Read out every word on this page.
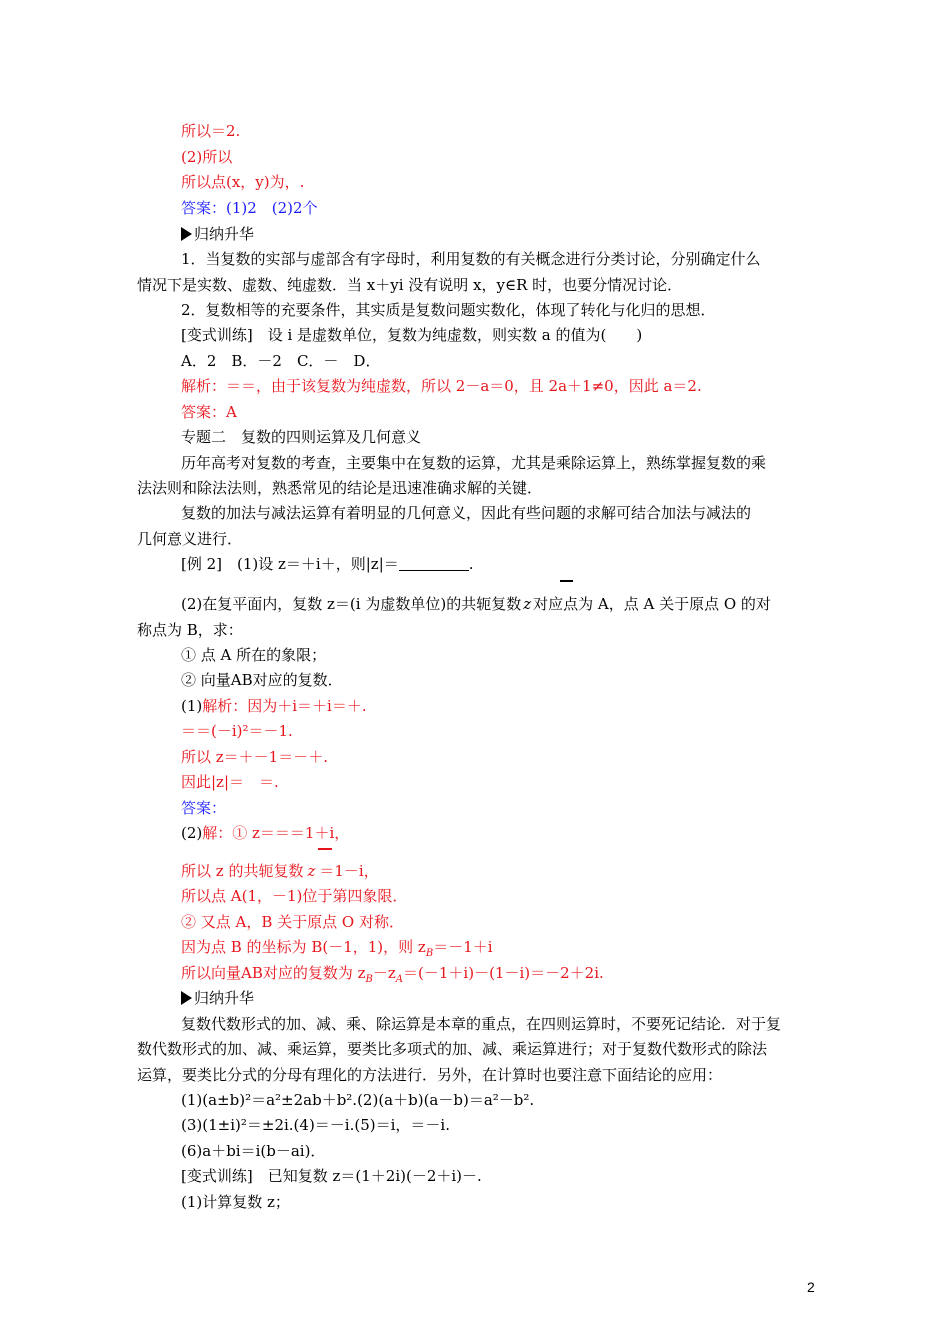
所以＝2.
(2)所以
所以点(x，y)为，.
答案：(1)2　(2)2个
归纳升华
1．当复数的实部与虚部含有字母时，利用复数的有关概念进行分类讨论，分别确定什么
情况下是实数、虚数、纯虚数．当 x＋yi 没有说明 x，y∈R 时，也要分情况讨论．
2．复数相等的充要条件，其实质是复数问题实数化，体现了转化与化归的思想．
[变式训练]　设 i 是虚数单位，复数为纯虚数，则实数 a 的值为(　　)
A．2　B．－2　C．－　D．
解析：＝＝，由于该复数为纯虚数，所以 2－a＝0，且 2a＋1≠0，因此 a＝2.
答案：A
专题二　复数的四则运算及几何意义
历年高考对复数的考查，主要集中在复数的运算，尤其是乘除运算上，熟练掌握复数的乘
法法则和除法法则，熟悉常见的结论是迅速准确求解的关键．
复数的加法与减法运算有着明显的几何意义，因此有些问题的求解可结合加法与减法的
几何意义进行．
[例 2]　(1)设 z＝＋i＋，则|z|＝	.
(2)在复平面内，复数 z＝(i 为虚数单位)的共轭复数 z 对应点为 A，点 A 关于原点 O 的对
称点为 B，求：
① 点 A 所在的象限；
② 向量AB对应的复数．
(1)解析：因为＋i＝＋i＝＋.
＝＝(－i)²＝－1.
所以 z＝＋－1＝－＋.
因此|z|＝　＝.
答案：
(2)解：① z＝＝＝1＋i，
所以 z 的共轭复数 z ＝1－i，
所以点 A(1，－1)位于第四象限．
② 又点 A，B 关于原点 O 对称．
因为点 B 的坐标为 B(－1，1)，则 $z_B=-1+i$
所以向量AB对应的复数为 $z_B-z_A=(-1+i)-(1-i)=-2+2i$.
归纳升华
复数代数形式的加、减、乘、除运算是本章的重点，在四则运算时，不要死记结论．对于复
数代数形式的加、减、乘运算，要类比多项式的加、减、乘运算进行；对于复数代数形式的除法
运算，要类比分式的分母有理化的方法进行．另外，在计算时也要注意下面结论的应用：
(1)(a±b)²＝a²±2ab＋b².(2)(a＋b)(a－b)＝a²－b².
(3)(1±i)²＝±2i.(4)＝－i.(5)＝i，＝－i.
(6)a＋bi＝i(b－ai)．
[变式训练]　已知复数 z＝(1＋2i)(－2＋i)－.
(1)计算复数 z；
2
